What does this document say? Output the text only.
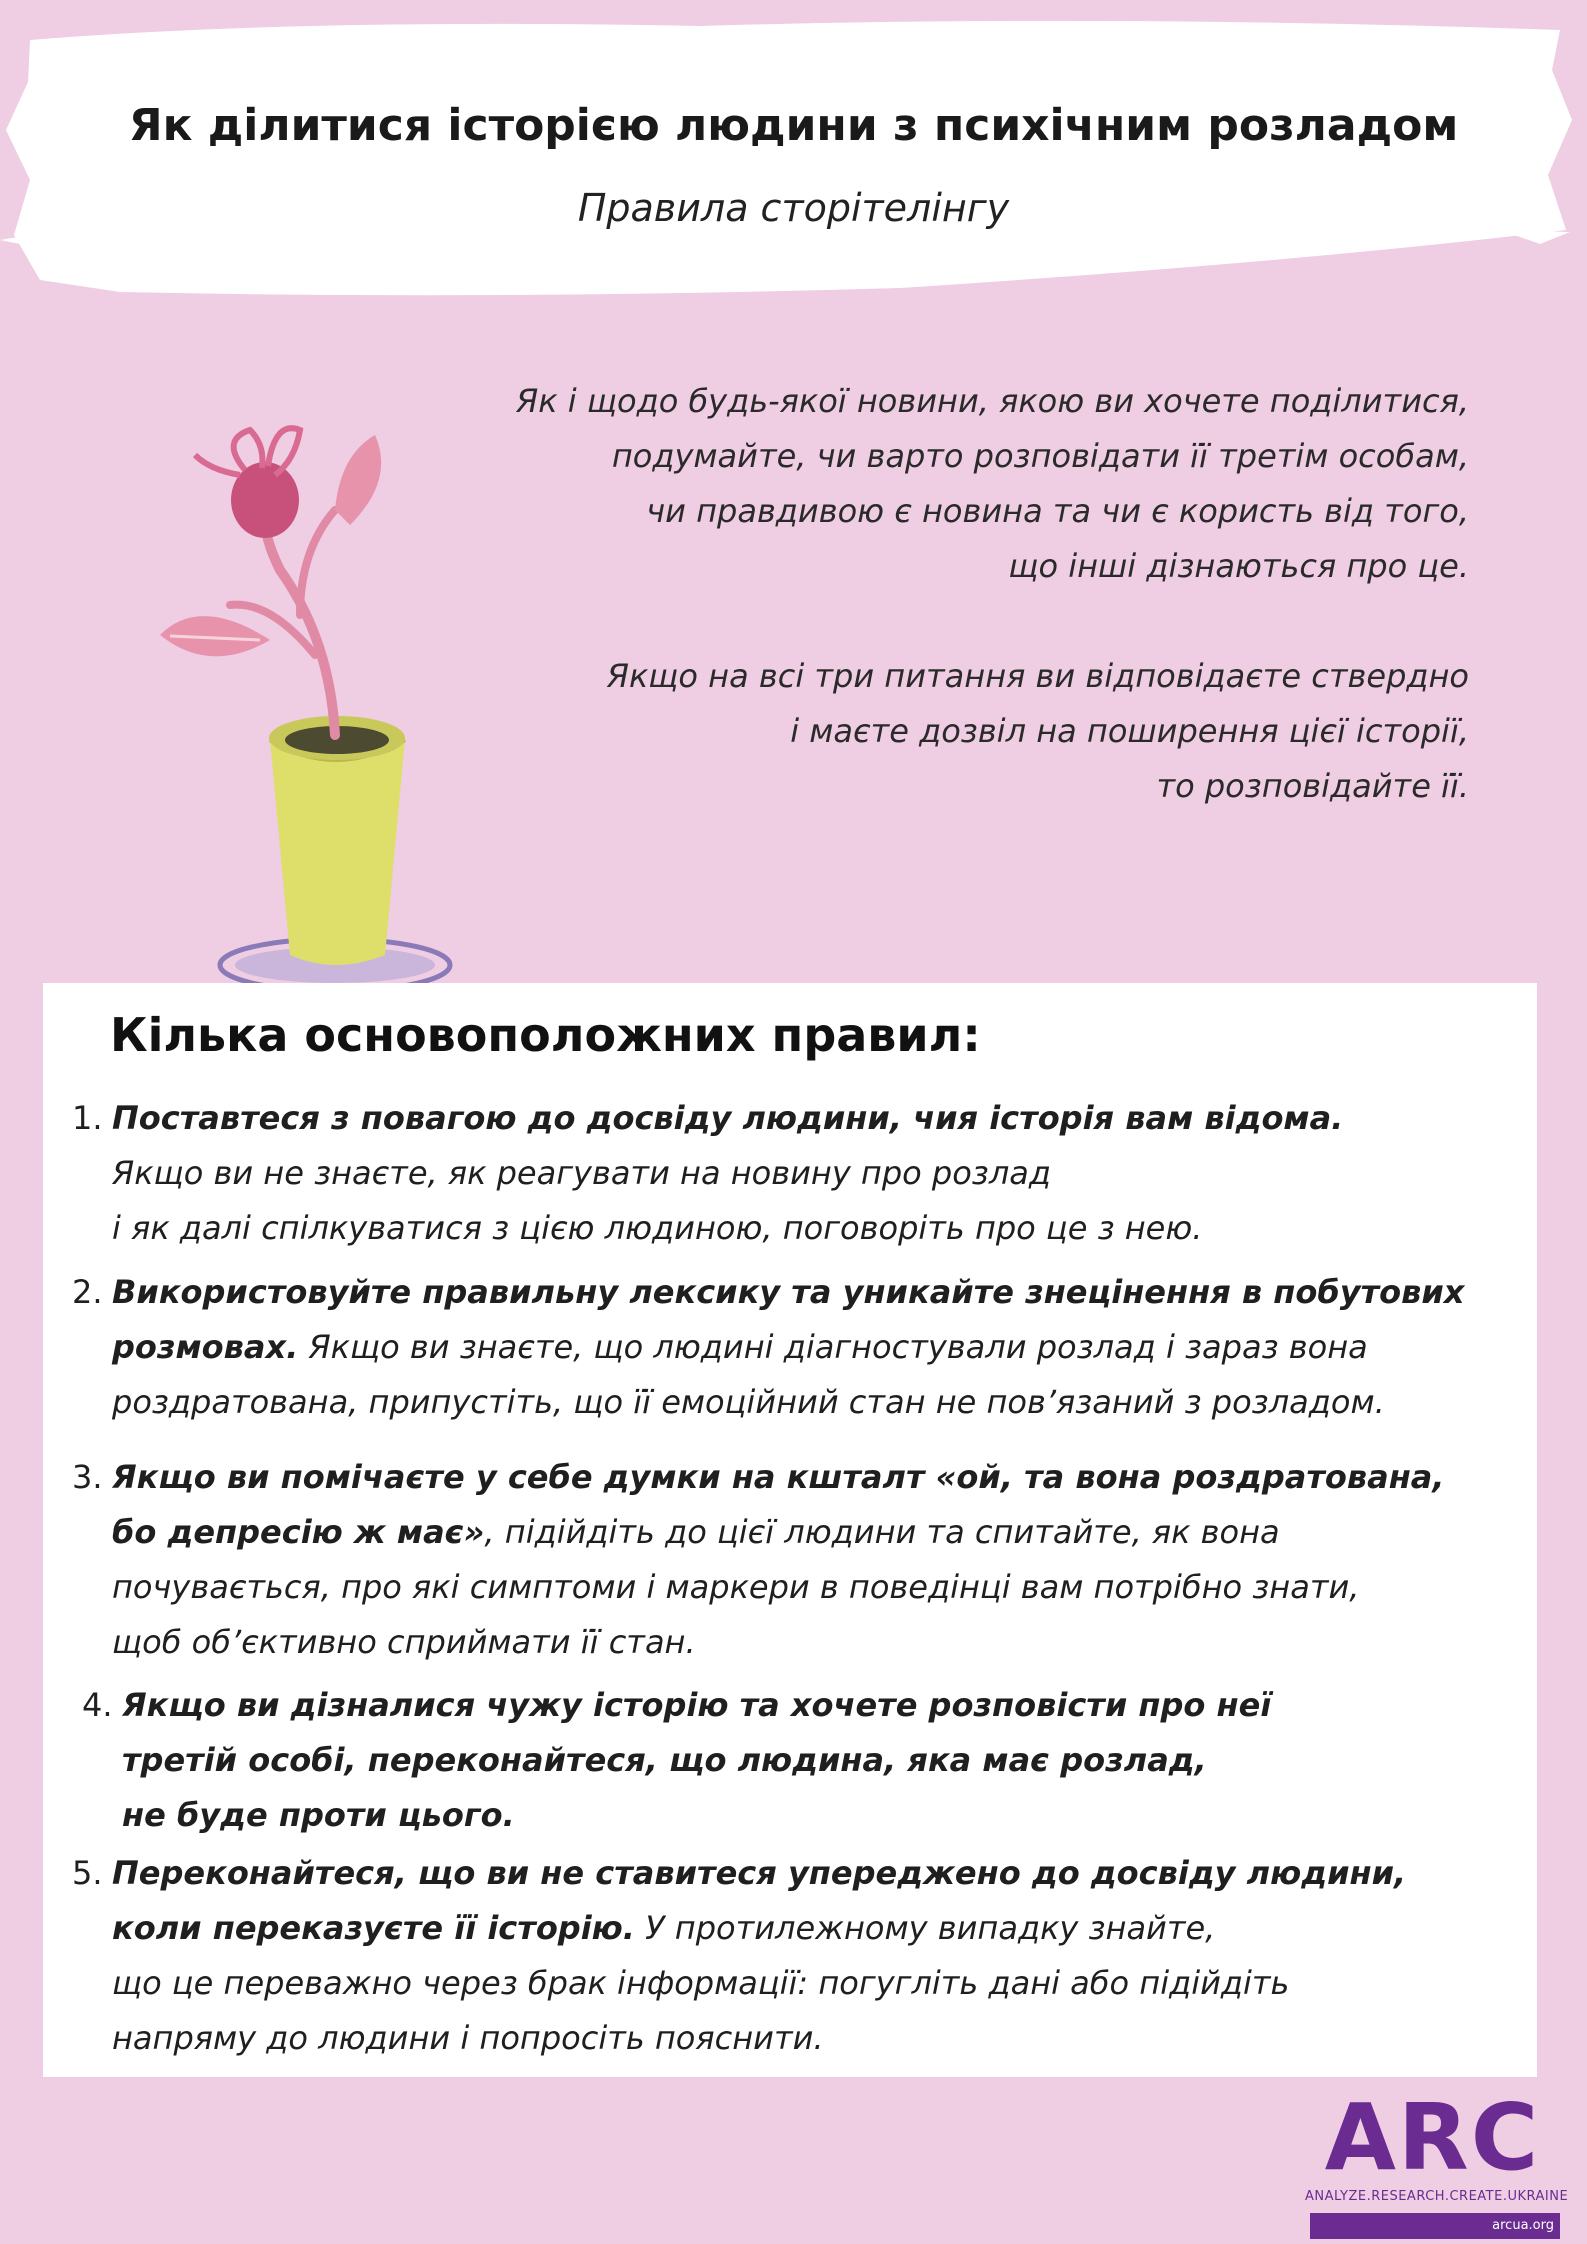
Як ділитися історією людини з психічним розладом

Правила сторітелінгу

Як і щодо будь-якої новини, якою ви хочете поділитися,

подумайте, чи варто розповідати її третім особам,

чи правдивою є новина та чи є користь від того,

що інші дізнаються про це.

Якщо на всі три питання ви відповідаєте ствердно

і маєте дозвіл на поширення цієї історії,

то розповідайте її.

Кілька основоположних правил:
1. Поставтеся з повагою до досвіду людини, чия історія вам відома.
Якщо ви не знаєте, як реагувати на новину про розлад
і як далі спілкуватися з цією людиною, поговоріть про це з нею.
2. Використовуйте правильну лексику та уникайте знецінення в побутових
розмовах. Якщо ви знаєте, що людині діагностували розлад і зараз вона
роздратована, припустіть, що її емоційний стан не пов’язаний з розладом.
3. Якщо ви помічаєте у себе думки на кшталт «ой, та вона роздратована,
бо депресію ж має», підійдіть до цієї людини та спитайте, як вона
почувається, про які симптоми і маркери в поведінці вам потрібно знати,
щоб об’єктивно сприймати її стан.
4. Якщо ви дізналися чужу історію та хочете розповісти про неї
третій особі, переконайтеся, що людина, яка має розлад,
не буде проти цього.
5. Переконайтеся, що ви не ставитеся упереджено до досвіду людини,
коли переказуєте її історію. У протилежному випадку знайте,
що це переважно через брак інформації: погугліть дані або підійдіть
напряму до людини і попросіть пояснити.
ARC
ANALYZE.RESEARCH.CREATE.UKRAINE
arcua.org
